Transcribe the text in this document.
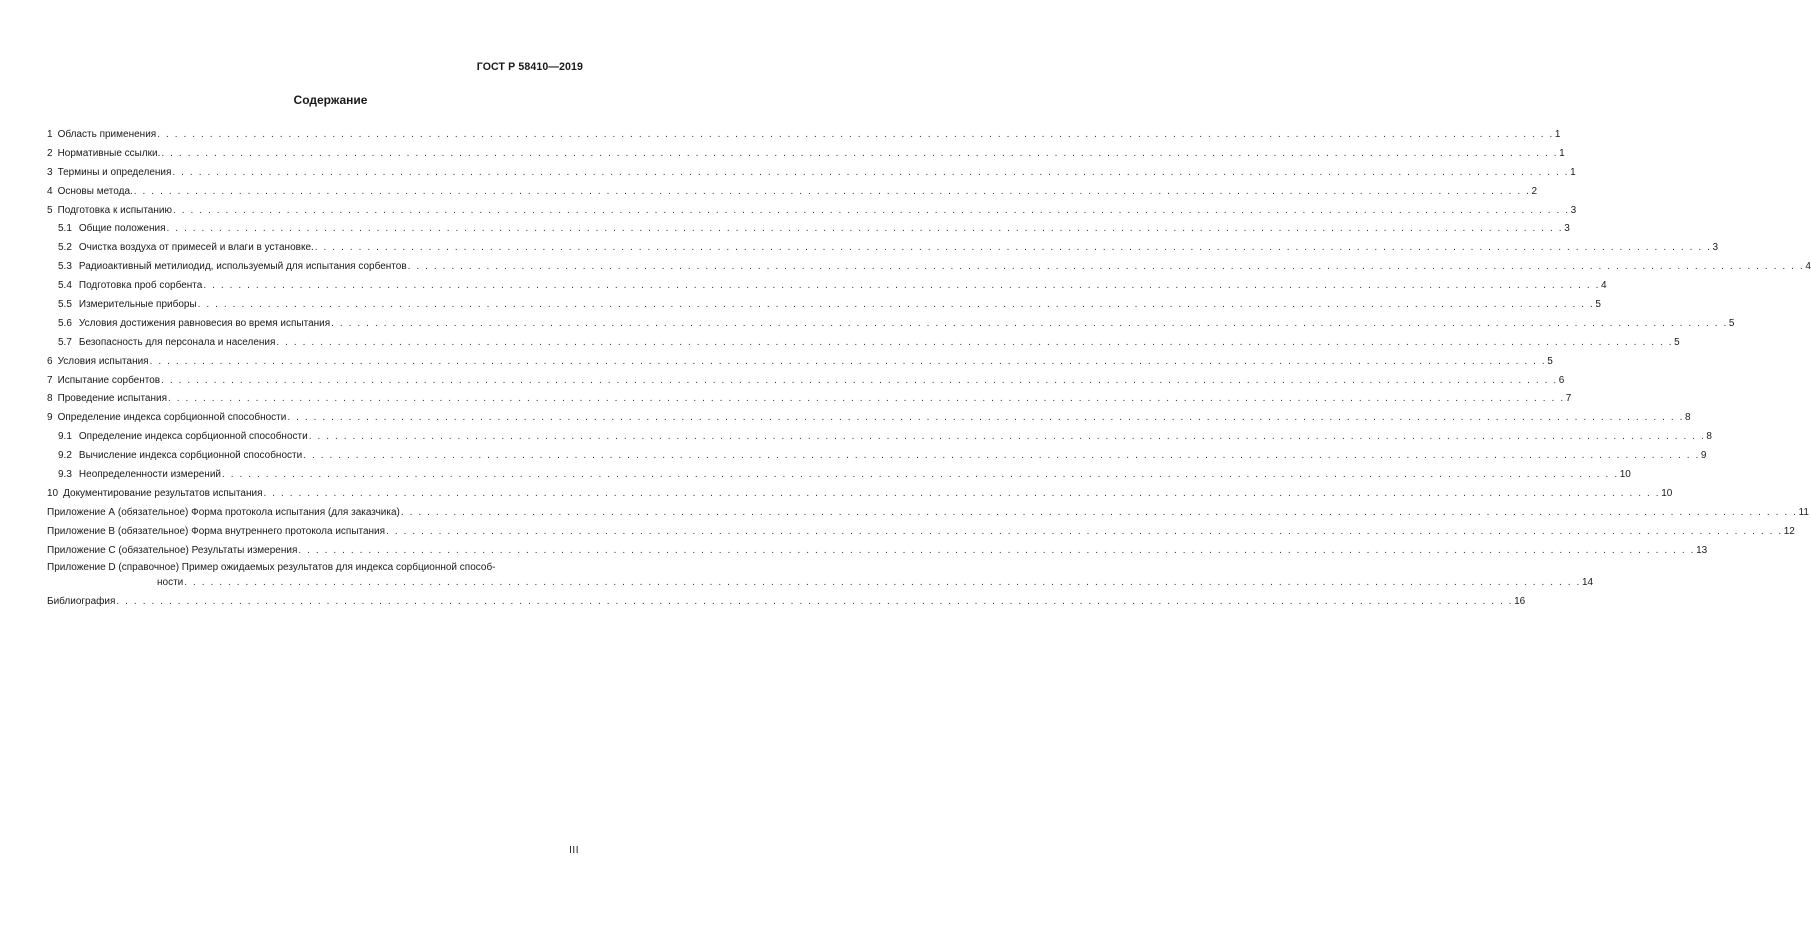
ГОСТ Р 58410—2019
Содержание
1 Область применения . . . . . . . . . . . . . . . . . . . . . . . . . . . . . . . . . . . . . . . . . . . . . . . . . . . . . . . . . . . . . . . . . . . . . . . . . . . . . . . . . . . . . . . . . . . . . . . . . . . . . . . . . . . . . . . . . . . . . . . . . . . . . . . . . . . . . . . . . . . . . . . . . . . . . . . . . . . . . . . . 1
2 Нормативные ссылки. . . . . . . . . . . . . . . . . . . . . . . . . . . . . . . . . . . . . . . . . . . . . . . . . . . . . . . . . . . . . . . . . . . . . . . . . . . . . . . . . . . . . . . . . . . . . . . . . . . . . . . . . . . . . . . . . . . . . . . . . . . . . . . . . . . . . . . . . . . . . . . . . . . . . . . . . . . . . . . . . 1
3 Термины и определения . . . . . . . . . . . . . . . . . . . . . . . . . . . . . . . . . . . . . . . . . . . . . . . . . . . . . . . . . . . . . . . . . . . . . . . . . . . . . . . . . . . . . . . . . . . . . . . . . . . . . . . . . . . . . . . . . . . . . . . . . . . . . . . . . . . . . . . . . . . . . . . . . . . . . . . . . . . . . . . . 1
4 Основы метода. . . . . . . . . . . . . . . . . . . . . . . . . . . . . . . . . . . . . . . . . . . . . . . . . . . . . . . . . . . . . . . . . . . . . . . . . . . . . . . . . . . . . . . . . . . . . . . . . . . . . . . . . . . . . . . . . . . . . . . . . . . . . . . . . . . . . . . . . . . . . . . . . . . . . . . . . . . . . . . . . 2
5 Подготовка к испытанию . . . . . . . . . . . . . . . . . . . . . . . . . . . . . . . . . . . . . . . . . . . . . . . . . . . . . . . . . . . . . . . . . . . . . . . . . . . . . . . . . . . . . . . . . . . . . . . . . . . . . . . . . . . . . . . . . . . . . . . . . . . . . . . . . . . . . . . . . . . . . . . . . . . . . . . . . . . . . . . . 3
5.1 Общие положения . . . . . . . . . . . . . . . . . . . . . . . . . . . . . . . . . . . . . . . . . . . . . . . . . . . . . . . . . . . . . . . . . . . . . . . . . . . . . . . . . . . . . . . . . . . . . . . . . . . . . . . . . . . . . . . . . . . . . . . . . . . . . . . . . . . . . . . . . . . . . . . . . . . . . . . . . . . . . . . . 3
5.2 Очистка воздуха от примесей и влаги в установке. . . . . . . . . . . . . . . . . . . . . . . . . . . . . . . . . . . . . . . . . . . . . . . . . . . . . . . . . . . . . . . . . . . . . . . . . . . . . . . . . . . . . . . . . . . . . . . . . . . . . . . . . . . . . . . . . . . . . . . . . . . . . . . . . . . . . . . . . . . . . . . . . . . . . . . . . . . . . . . . . 3
5.3 Радиоактивный метилиодид, используемый для испытания сорбентов . . . . . . . . . . . . . . . . . . . . . . . . . . . . . . . . . . . . . . . . . . . . . . . . . . . . . . . . . . . . . . . . . . . . . . . . . . . . . . . . . . . . . . . . . . . . . . . . . . . . . . . . . . . . . . . . . . . . . . . . . . . . . . . . . . . . . . . . . . . . . . . . . . . . . . . . . . . . . . . . 4
5.4 Подготовка проб сорбента . . . . . . . . . . . . . . . . . . . . . . . . . . . . . . . . . . . . . . . . . . . . . . . . . . . . . . . . . . . . . . . . . . . . . . . . . . . . . . . . . . . . . . . . . . . . . . . . . . . . . . . . . . . . . . . . . . . . . . . . . . . . . . . . . . . . . . . . . . . . . . . . . . . . . . . . . . . . . . . . 4
5.5 Измерительные приборы . . . . . . . . . . . . . . . . . . . . . . . . . . . . . . . . . . . . . . . . . . . . . . . . . . . . . . . . . . . . . . . . . . . . . . . . . . . . . . . . . . . . . . . . . . . . . . . . . . . . . . . . . . . . . . . . . . . . . . . . . . . . . . . . . . . . . . . . . . . . . . . . . . . . . . . . . . . . . . . . 5
5.6 Условия достижения равновесия во время испытания . . . . . . . . . . . . . . . . . . . . . . . . . . . . . . . . . . . . . . . . . . . . . . . . . . . . . . . . . . . . . . . . . . . . . . . . . . . . . . . . . . . . . . . . . . . . . . . . . . . . . . . . . . . . . . . . . . . . . . . . . . . . . . . . . . . . . . . . . . . . . . . . . . . . . . . . . . . . . . . . 5
5.7 Безопасность для персонала и населения . . . . . . . . . . . . . . . . . . . . . . . . . . . . . . . . . . . . . . . . . . . . . . . . . . . . . . . . . . . . . . . . . . . . . . . . . . . . . . . . . . . . . . . . . . . . . . . . . . . . . . . . . . . . . . . . . . . . . . . . . . . . . . . . . . . . . . . . . . . . . . . . . . . . . . . . . . . . . . . . 5
6 Условия испытания . . . . . . . . . . . . . . . . . . . . . . . . . . . . . . . . . . . . . . . . . . . . . . . . . . . . . . . . . . . . . . . . . . . . . . . . . . . . . . . . . . . . . . . . . . . . . . . . . . . . . . . . . . . . . . . . . . . . . . . . . . . . . . . . . . . . . . . . . . . . . . . . . . . . . . . . . . . . . . . . 5
7 Испытание сорбентов . . . . . . . . . . . . . . . . . . . . . . . . . . . . . . . . . . . . . . . . . . . . . . . . . . . . . . . . . . . . . . . . . . . . . . . . . . . . . . . . . . . . . . . . . . . . . . . . . . . . . . . . . . . . . . . . . . . . . . . . . . . . . . . . . . . . . . . . . . . . . . . . . . . . . . . . . . . . . . . . 6
8 Проведение испытания . . . . . . . . . . . . . . . . . . . . . . . . . . . . . . . . . . . . . . . . . . . . . . . . . . . . . . . . . . . . . . . . . . . . . . . . . . . . . . . . . . . . . . . . . . . . . . . . . . . . . . . . . . . . . . . . . . . . . . . . . . . . . . . . . . . . . . . . . . . . . . . . . . . . . . . . . . . . . . . . 7
9 Определение индекса сорбционной способности . . . . . . . . . . . . . . . . . . . . . . . . . . . . . . . . . . . . . . . . . . . . . . . . . . . . . . . . . . . . . . . . . . . . . . . . . . . . . . . . . . . . . . . . . . . . . . . . . . . . . . . . . . . . . . . . . . . . . . . . . . . . . . . . . . . . . . . . . . . . . . . . . . . . . . . . . . . . . . . . 8
9.1 Определение индекса сорбционной способности . . . . . . . . . . . . . . . . . . . . . . . . . . . . . . . . . . . . . . . . . . . . . . . . . . . . . . . . . . . . . . . . . . . . . . . . . . . . . . . . . . . . . . . . . . . . . . . . . . . . . . . . . . . . . . . . . . . . . . . . . . . . . . . . . . . . . . . . . . . . . . . . . . . . . . . . . . . . . . . . 8
9.2 Вычисление индекса сорбционной способности . . . . . . . . . . . . . . . . . . . . . . . . . . . . . . . . . . . . . . . . . . . . . . . . . . . . . . . . . . . . . . . . . . . . . . . . . . . . . . . . . . . . . . . . . . . . . . . . . . . . . . . . . . . . . . . . . . . . . . . . . . . . . . . . . . . . . . . . . . . . . . . . . . . . . . . . . . . . . . . . 9
9.3 Неопределенности измерений . . . . . . . . . . . . . . . . . . . . . . . . . . . . . . . . . . . . . . . . . . . . . . . . . . . . . . . . . . . . . . . . . . . . . . . . . . . . . . . . . . . . . . . . . . . . . . . . . . . . . . . . . . . . . . . . . . . . . . . . . . . . . . . . . . . . . . . . . . . . . . . . . . . . . . . . . . . . . . . . 10
10 Документирование результатов испытания . . . . . . . . . . . . . . . . . . . . . . . . . . . . . . . . . . . . . . . . . . . . . . . . . . . . . . . . . . . . . . . . . . . . . . . . . . . . . . . . . . . . . . . . . . . . . . . . . . . . . . . . . . . . . . . . . . . . . . . . . . . . . . . . . . . . . . . . . . . . . . . . . . . . . . . . . . . . . . . . 10
Приложение А (обязательное) Форма протокола испытания (для заказчика) . . . . . . . . . . . . . . . . . . . . . . . . . . . . . . . . . . . . . . . . . . . . . . . . . . . . . . . . . . . . . . . . . . . . . . . . . . . . . . . . . . . . . . . . . . . . . . . . . . . . . . . . . . . . . . . . . . . . . . . . . . . . . . . . . . . . . . . . . . . . . . . . . . . . . . . . . . . . . . . . 11
Приложение В (обязательное) Форма внутреннего протокола испытания . . . . . . . . . . . . . . . . . . . . . . . . . . . . . . . . . . . . . . . . . . . . . . . . . . . . . . . . . . . . . . . . . . . . . . . . . . . . . . . . . . . . . . . . . . . . . . . . . . . . . . . . . . . . . . . . . . . . . . . . . . . . . . . . . . . . . . . . . . . . . . . . . . . . . . . . . . . . . . . . 12
Приложение С (обязательное) Результаты измерения . . . . . . . . . . . . . . . . . . . . . . . . . . . . . . . . . . . . . . . . . . . . . . . . . . . . . . . . . . . . . . . . . . . . . . . . . . . . . . . . . . . . . . . . . . . . . . . . . . . . . . . . . . . . . . . . . . . . . . . . . . . . . . . . . . . . . . . . . . . . . . . . . . . . . . . . . . . . . . . . 13
Приложение D (справочное) Пример ожидаемых результатов для индекса сорбционной способ-
ности . . . . . . . . . . . . . . . . . . . . . . . . . . . . . . . . . . . . . . . . . . . . . . . . . . . . . . . . . . . . . . . . . . . . . . . . . . . . . . . . . . . . . . . . . . . . . . . . . . . . . . . . . . . . . . . . . . . . . . . . . . . . . . . . . . . . . . . . . . . . . . . . . . . . . . . . . . . . . . . . 14
Библиография . . . . . . . . . . . . . . . . . . . . . . . . . . . . . . . . . . . . . . . . . . . . . . . . . . . . . . . . . . . . . . . . . . . . . . . . . . . . . . . . . . . . . . . . . . . . . . . . . . . . . . . . . . . . . . . . . . . . . . . . . . . . . . . . . . . . . . . . . . . . . . . . . . . . . . . . . . . . . . . . 16
III
